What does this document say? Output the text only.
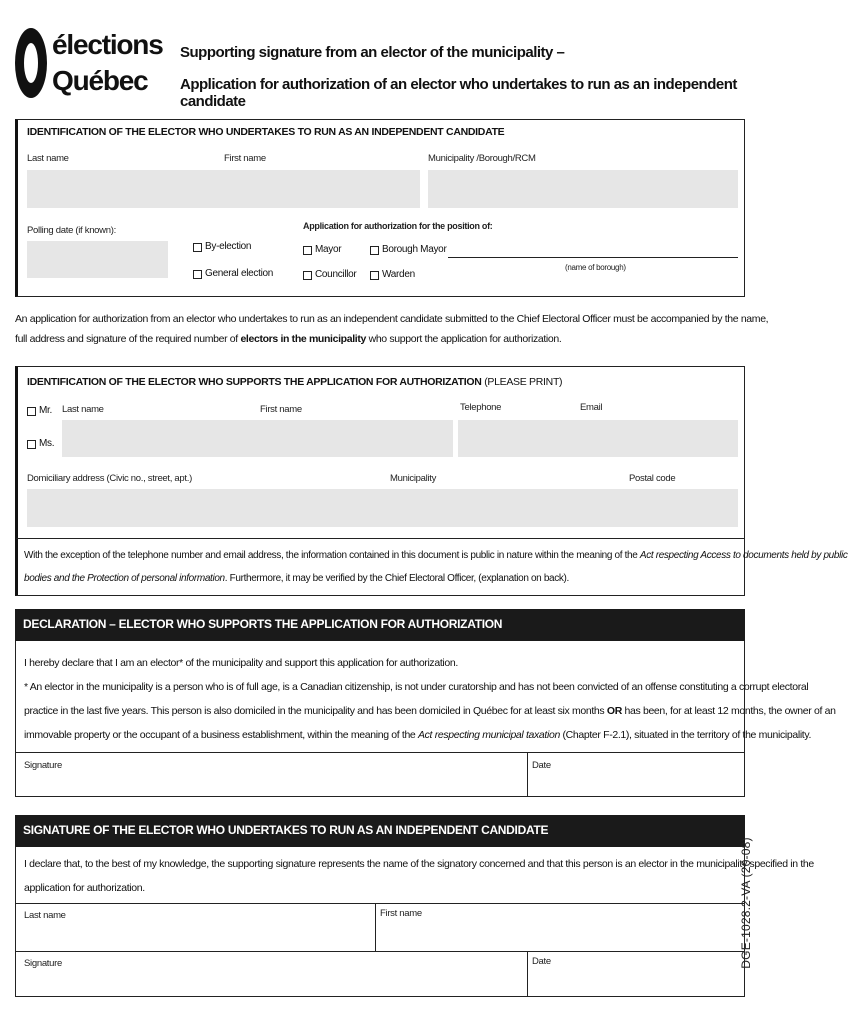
élections
Québec
Supporting signature from an elector of the municipality –
Application for authorization of an elector who undertakes to run as an independent candidate
IDENTIFICATION OF THE ELECTOR WHO UNDERTAKES TO RUN AS AN INDEPENDENT CANDIDATE
Last name	First name	Municipality /Borough/RCM
Polling date (if known):
By-election
General election
Application for authorization for the position of:
Mayor	Borough Mayor
Councillor	Warden
(name of borough)
An application for authorization from an elector who undertakes to run as an independent candidate submitted to the Chief Electoral Officer must be accompanied by the name,
full address and signature of the required number of electors in the municipality who support the application for authorization.
IDENTIFICATION OF THE ELECTOR WHO SUPPORTS THE APPLICATION FOR AUTHORIZATION (PLEASE PRINT)
Mr.
Ms.
Last name	First name	Telephone	Email
Domiciliary address (Civic no., street, apt.)	Municipality	Postal code
With the exception of the telephone number and email address, the information contained in this document is public in nature within the meaning of the Act respecting Access to documents held by public
bodies and the Protection of personal information. Furthermore, it may be verified by the Chief Electoral Officer, (explanation on back).
DECLARATION – ELECTOR WHO SUPPORTS THE APPLICATION FOR AUTHORIZATION
I hereby declare that I am an elector* of the municipality and support this application for authorization.
* An elector in the municipality is a person who is of full age, is a Canadian citizenship, is not under curatorship and has not been convicted of an offense constituting a corrupt electoral
practice in the last five years. This person is also domiciled in the municipality and has been domiciled in Québec for at least six months OR has been, for at least 12 months, the owner of an
immovable property or the occupant of a business establishment, within the meaning of the Act respecting municipal taxation (Chapter F-2.1), situated in the territory of the municipality.
Signature	Date
SIGNATURE OF THE ELECTOR WHO UNDERTAKES TO RUN AS AN INDEPENDENT CANDIDATE
I declare that, to the best of my knowledge, the supporting signature represents the name of the signatory concerned and that this person is an elector in the municipality specified in the
application for authorization.
Last name	First name
Signature	Date	DGE-1028.2-VA (20-08)
